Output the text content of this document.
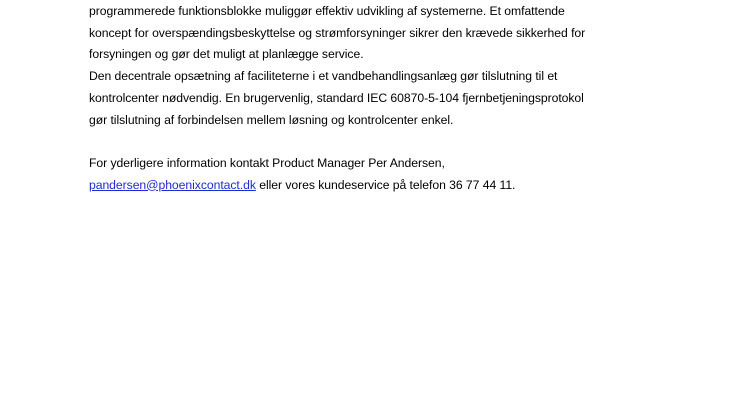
programmerede funktionsblokke muliggør effektiv udvikling af systemerne. Et omfattende
koncept for overspændingsbeskyttelse og strømforsyninger sikrer den krævede sikkerhed for
forsyningen og gør det muligt at planlægge service.
Den decentrale opsætning af faciliteterne i et vandbehandlingsanlæg gør tilslutning til et
kontrolcenter nødvendig. En brugervenlig, standard IEC 60870-5-104 fjernbetjeningsprotokol
gør tilslutning af forbindelsen mellem løsning og kontrolcenter enkel.
For yderligere information kontakt Product Manager Per Andersen,
pandersen@phoenixcontact.dk eller vores kundeservice på telefon 36 77 44 11.
